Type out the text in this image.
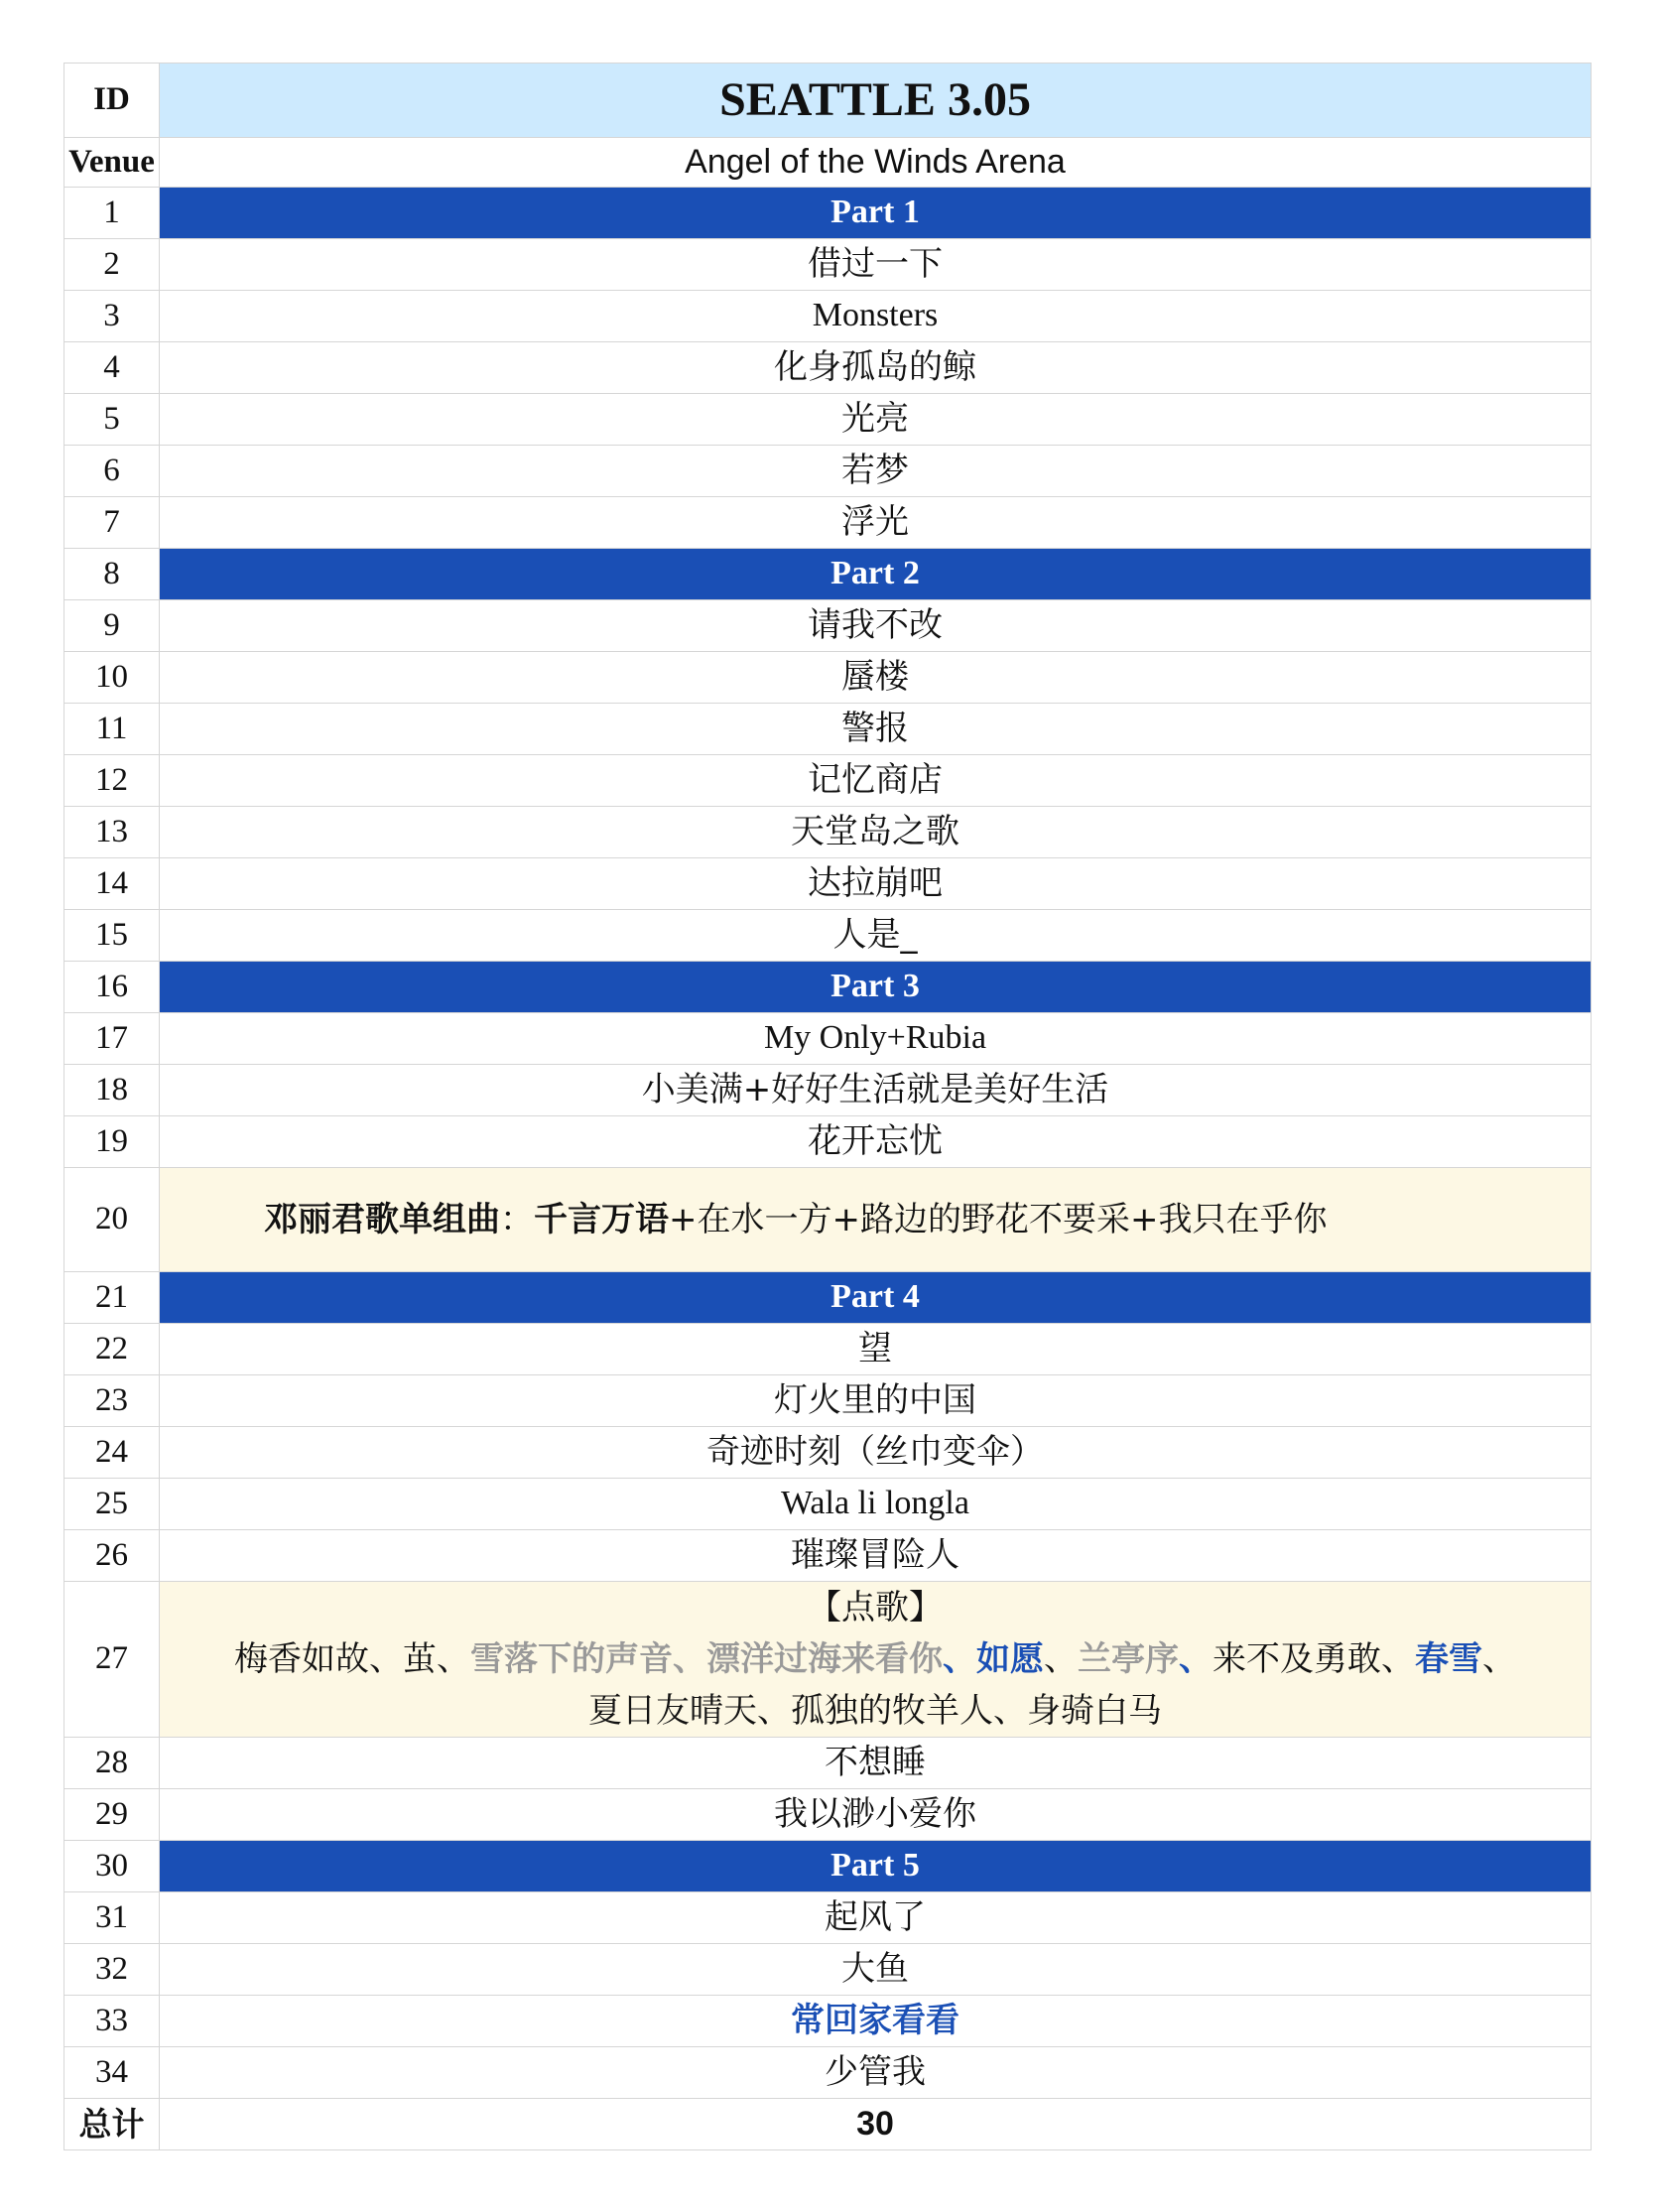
ID	SEATTLE 3.05
Venue	Angel of the Winds Arena
1	Part 1
2	借过一下
3	Monsters
4	化身孤岛的鲸
5	光亮
6	若梦
7	浮光
8	Part 2
9	请我不改
10	蜃楼
11	警报
12	记忆商店
13	天堂岛之歌
14	达拉崩吧
15	人是_
16	Part 3
17	My Only+Rubia
18	小美满+好好生活就是美好生活
19	花开忘忧
20	邓丽君歌单组曲：千言万语+在水一方+路边的野花不要采+我只在乎你
21	Part 4
22	望
23	灯火里的中国
24	奇迹时刻（丝巾变伞）
25	Wala li longla
26	璀璨冒险人
27	【点歌】
梅香如故、茧、雪落下的声音、漂洋过海来看你、如愿、兰亭序、来不及勇敢、春雪、
夏日友晴天、孤独的牧羊人、身骑白马

28	不想睡
29	我以渺小爱你
30	Part 5
31	起风了
32	大鱼
33	常回家看看
34	少管我
总计	30
